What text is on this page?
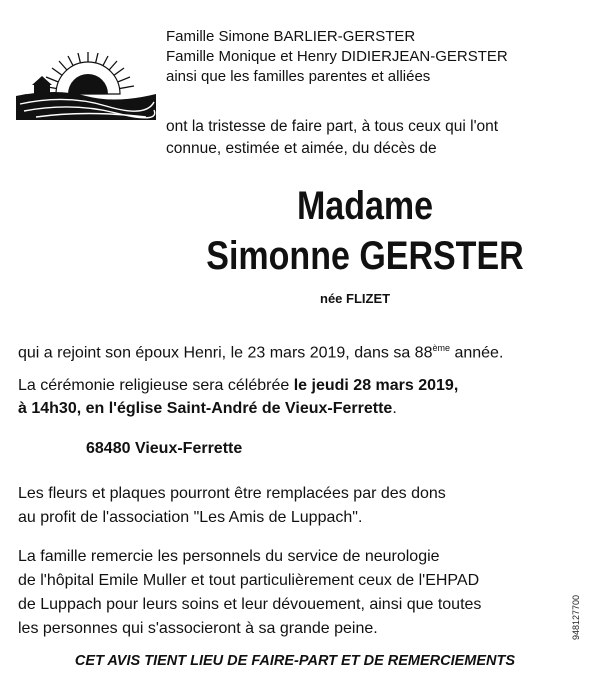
Famille Simone BARLIER-GERSTER
Famille Monique et Henry DIDIERJEAN-GERSTER
ainsi que les familles parentes et alliées
ont la tristesse de faire part, à tous ceux qui l'ont
connue, estimée et aimée, du décès de
Madame
Simonne GERSTER
née FLIZET
qui a rejoint son époux Henri, le 23 mars 2019, dans sa 88ème année.
La cérémonie religieuse sera célébrée le jeudi 28 mars 2019,
à 14h30, en l'église Saint-André de Vieux-Ferrette.
68480 Vieux-Ferrette
Les fleurs et plaques pourront être remplacées par des dons
au profit de l'association "Les Amis de Luppach".
La famille remercie les personnels du service de neurologie
de l'hôpital Emile Muller et tout particulièrement ceux de l'EHPAD
de Luppach pour leurs soins et leur dévouement, ainsi que toutes
les personnes qui s'associeront à sa grande peine.
CET AVIS TIENT LIEU DE FAIRE-PART ET DE REMERCIEMENTS
9481277​00
